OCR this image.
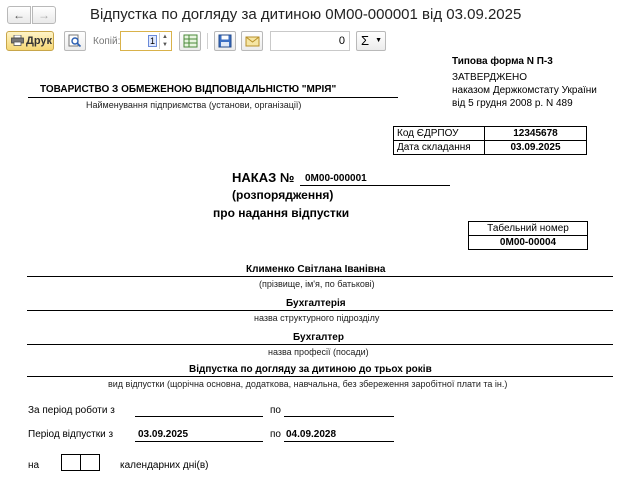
←	→	Відпустка по догляду за дитиною 0М00-000001 від 03.09.2025
Друк	Копій:	1	▲
▼	0	Σ ▼
Типова форма N П-3
ЗАТВЕРДЖЕНО
наказом Держкомстату України
від 5 грудня 2008 р. N 489
ТОВАРИСТВО З ОБМЕЖЕНОЮ ВІДПОВІДАЛЬНІСТЮ "МРІЯ"
Найменування підприємства (установи, організації)
Код ЄДРПОУ	12345678
Дата складання	03.09.2025
НАКАЗ № 0М00-000001
(розпорядження)
про надання відпустки
Табельний номер
0М00-00004
Клименко Світлана Іванівна
(прізвище, ім'я, по батькові)
Бухгалтерія
назва структурного підрозділу
Бухгалтер
назва професії (посади)
Відпустка по догляду за дитиною до трьох років
вид відпустки (щорічна основна, додаткова, навчальна, без збереження заробітної плати та ін.)
За період роботи з	по
Період відпустки з 03.09.2025	по 04.09.2028
на	календарних дні(в)
